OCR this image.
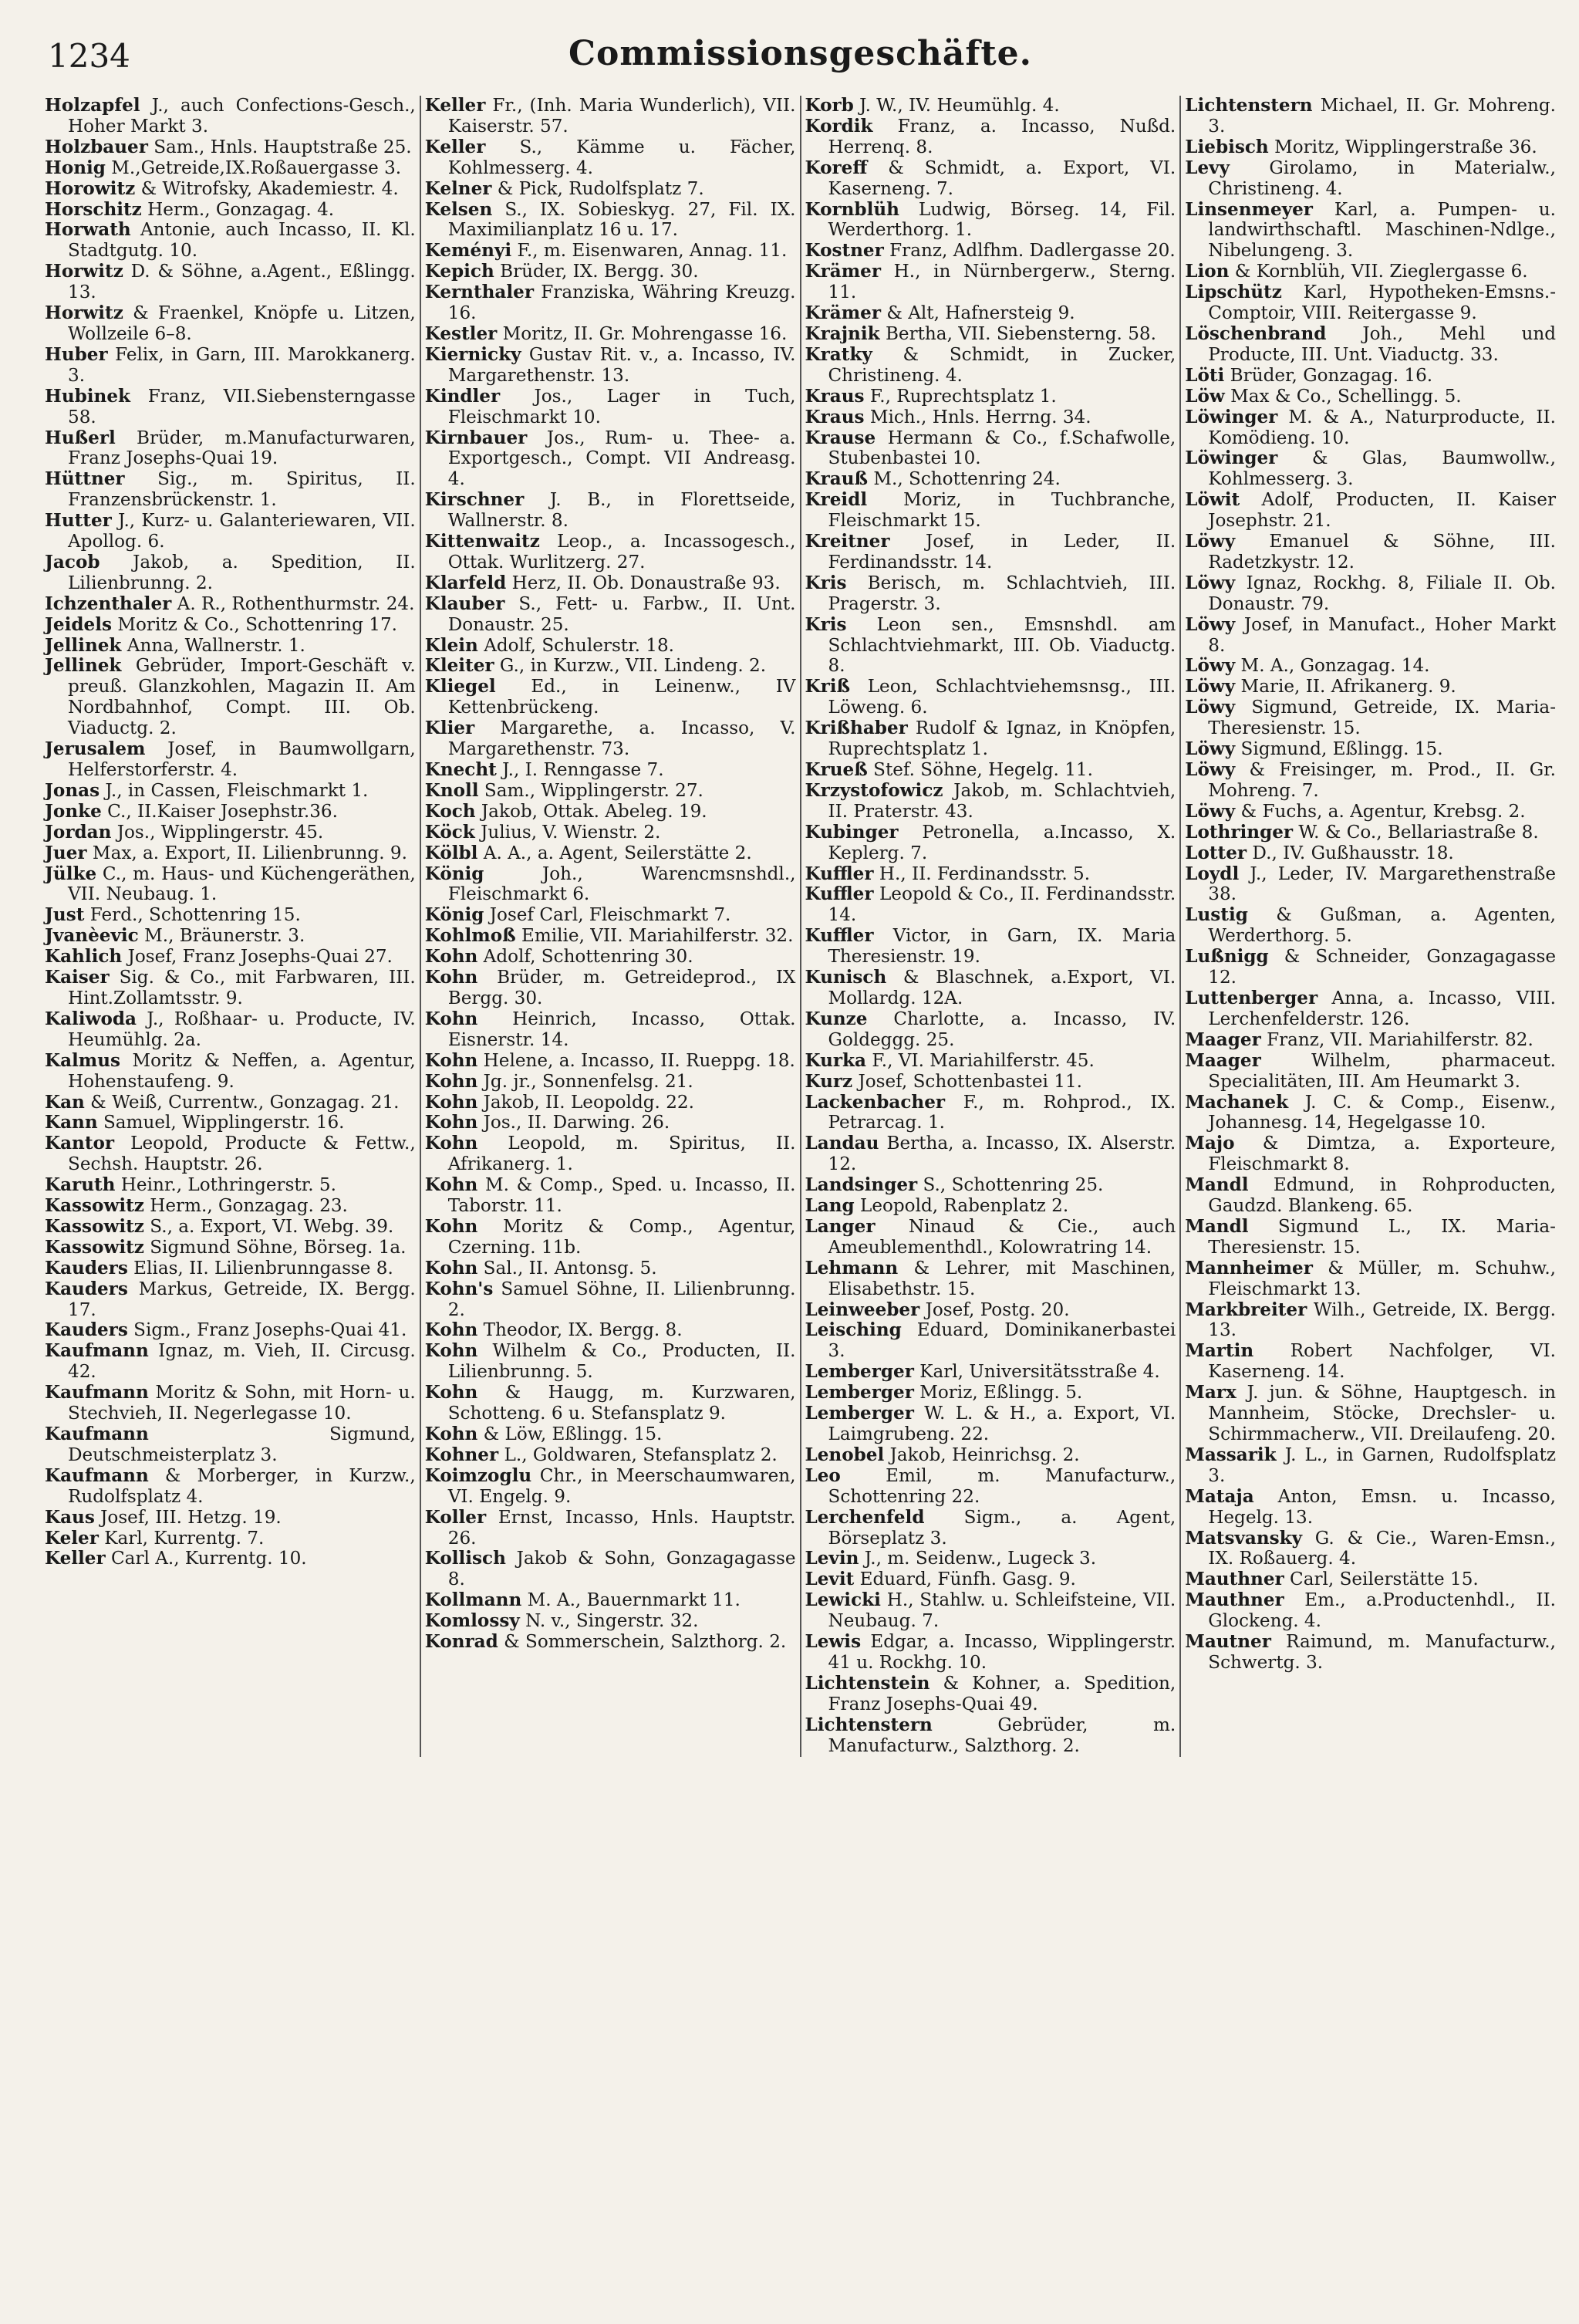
1234	Commissionsgeschäfte.

Holzapfel J., auch Confections-Gesch., Hoher Markt 3.

Holzbauer Sam., Hnls. Hauptstraße 25.

Honig M.,Getreide,IX.Roßauergasse 3.

Horowitz & Witrofsky, Akademiestr. 4.

Horschitz Herm., Gonzagag. 4.

Horwath Antonie, auch Incasso, II. Kl. Stadtgutg. 10.

Horwitz D. & Söhne, a.Agent., Eßlingg. 13.

Horwitz & Fraenkel, Knöpfe u. Litzen, Wollzeile 6–8.

Huber Felix, in Garn, III. Marokkanerg. 3.

Hubinek Franz, VII.Siebensterngasse 58.

Hußerl Brüder, m.Manufacturwaren, Franz Josephs-Quai 19.

Hüttner Sig., m. Spiritus, II. Franzensbrückenstr. 1.

Hutter J., Kurz- u. Galanteriewaren, VII. Apollog. 6.

Jacob Jakob, a. Spedition, II. Lilienbrunng. 2.

Ichzenthaler A. R., Rothenthurmstr. 24.

Jeidels Moritz & Co., Schottenring 17.

Jellinek Anna, Wallnerstr. 1.

Jellinek Gebrüder, Import-Geschäft v. preuß. Glanzkohlen, Magazin II. Am Nordbahnhof, Compt. III. Ob. Viaductg. 2.

Jerusalem Josef, in Baumwollgarn, Helferstorferstr. 4.

Jonas J., in Cassen, Fleischmarkt 1.

Jonke C., II.Kaiser Josephstr.36.

Jordan Jos., Wipplingerstr. 45.

Juer Max, a. Export, II. Lilienbrunng. 9.

Jülke C., m. Haus- und Küchengeräthen, VII. Neubaug. 1.

Just Ferd., Schottenring 15.

Jvanèevic M., Bräunerstr. 3.

Kahlich Josef, Franz Josephs-Quai 27.

Kaiser Sig. & Co., mit Farbwaren, III. Hint.Zollamtsstr. 9.

Kaliwoda J., Roßhaar- u. Producte, IV. Heumühlg. 2a.

Kalmus Moritz & Neffen, a. Agentur, Hohenstaufeng. 9.

Kan & Weiß, Currentw., Gonzagag. 21.

Kann Samuel, Wipplingerstr. 16.

Kantor Leopold, Producte & Fettw., Sechsh. Hauptstr. 26.

Karuth Heinr., Lothringerstr. 5.

Kassowitz Herm., Gonzagag. 23.

Kassowitz S., a. Export, VI. Webg. 39.

Kassowitz Sigmund Söhne, Börseg. 1a.

Kauders Elias, II. Lilienbrunngasse 8.

Kauders Markus, Getreide, IX. Bergg. 17.

Kauders Sigm., Franz Josephs-Quai 41.

Kaufmann Ignaz, m. Vieh, II. Circusg. 42.

Kaufmann Moritz & Sohn, mit Horn- u. Stechvieh, II. Negerlegasse 10.

Kaufmann Sigmund, Deutschmeisterplatz 3.

Kaufmann & Morberger, in Kurzw., Rudolfsplatz 4.

Kaus Josef, III. Hetzg. 19.

Keler Karl, Kurrentg. 7.

Keller Carl A., Kurrentg. 10.

Keller Fr., (Inh. Maria Wunderlich), VII. Kaiserstr. 57.

Keller S., Kämme u. Fächer, Kohlmesserg. 4.

Kelner & Pick, Rudolfsplatz 7.

Kelsen S., IX. Sobieskyg. 27, Fil. IX. Maximilianplatz 16 u. 17.

Keményi F., m. Eisenwaren, Annag. 11.

Kepich Brüder, IX. Bergg. 30.

Kernthaler Franziska, Währing Kreuzg. 16.

Kestler Moritz, II. Gr. Mohrengasse 16.

Kiernicky Gustav Rit. v., a. Incasso, IV. Margarethenstr. 13.

Kindler Jos., Lager in Tuch, Fleischmarkt 10.

Kirnbauer Jos., Rum- u. Thee- a. Exportgesch., Compt. VII Andreasg. 4.

Kirschner J. B., in Florettseide, Wallnerstr. 8.

Kittenwaitz Leop., a. Incassogesch., Ottak. Wurlitzerg. 27.

Klarfeld Herz, II. Ob. Donaustraße 93.

Klauber S., Fett- u. Farbw., II. Unt. Donaustr. 25.

Klein Adolf, Schulerstr. 18.

Kleiter G., in Kurzw., VII. Lindeng. 2.

Kliegel Ed., in Leinenw., IV Kettenbrückeng.

Klier Margarethe, a. Incasso, V. Margarethenstr. 73.

Knecht J., I. Renngasse 7.

Knoll Sam., Wipplingerstr. 27.

Koch Jakob, Ottak. Abeleg. 19.

Köck Julius, V. Wienstr. 2.

Kölbl A. A., a. Agent, Seilerstätte 2.

König Joh., Warencmsnshdl., Fleischmarkt 6.

König Josef Carl, Fleischmarkt 7.

Kohlmoß Emilie, VII. Mariahilferstr. 32.

Kohn Adolf, Schottenring 30.

Kohn Brüder, m. Getreideprod., IX Bergg. 30.

Kohn Heinrich, Incasso, Ottak. Eisnerstr. 14.

Kohn Helene, a. Incasso, II. Rueppg. 18.

Kohn Jg. jr., Sonnenfelsg. 21.

Kohn Jakob, II. Leopoldg. 22.

Kohn Jos., II. Darwing. 26.

Kohn Leopold, m. Spiritus, II. Afrikanerg. 1.

Kohn M. & Comp., Sped. u. Incasso, II. Taborstr. 11.

Kohn Moritz & Comp., Agentur, Czerning. 11b.

Kohn Sal., II. Antonsg. 5.

Kohn's Samuel Söhne, II. Lilienbrunng. 2.

Kohn Theodor, IX. Bergg. 8.

Kohn Wilhelm & Co., Producten, II. Lilienbrunng. 5.

Kohn & Haugg, m. Kurzwaren, Schotteng. 6 u. Stefansplatz 9.

Kohn & Löw, Eßlingg. 15.

Kohner L., Goldwaren, Stefansplatz 2.

Koimzoglu Chr., in Meerschaumwaren, VI. Engelg. 9.

Koller Ernst, Incasso, Hnls. Hauptstr. 26.

Kollisch Jakob & Sohn, Gonzagagasse 8.

Kollmann M. A., Bauernmarkt 11.

Komlossy N. v., Singerstr. 32.

Konrad & Sommerschein, Salzthorg. 2.

Korb J. W., IV. Heumühlg. 4.

Kordik Franz, a. Incasso, Nußd. Herrenq. 8.

Koreff & Schmidt, a. Export, VI. Kaserneng. 7.

Kornblüh Ludwig, Börseg. 14, Fil. Werderthorg. 1.

Kostner Franz, Adlfhm. Dadlergasse 20.

Krämer H., in Nürnbergerw., Sterng. 11.

Krämer & Alt, Hafnersteig 9.

Krajnik Bertha, VII. Siebensterng. 58.

Kratky & Schmidt, in Zucker, Christineng. 4.

Kraus F., Ruprechtsplatz 1.

Kraus Mich., Hnls. Herrng. 34.

Krause Hermann & Co., f.Schafwolle, Stubenbastei 10.

Krauß M., Schottenring 24.

Kreidl Moriz, in Tuchbranche, Fleischmarkt 15.

Kreitner Josef, in Leder, II. Ferdinandsstr. 14.

Kris Berisch, m. Schlachtvieh, III. Pragerstr. 3.

Kris Leon sen., Emsnshdl. am Schlachtviehmarkt, III. Ob. Viaductg. 8.

Kriß Leon, Schlachtviehemsnsg., III. Löweng. 6.

Krißhaber Rudolf & Ignaz, in Knöpfen, Ruprechtsplatz 1.

Krueß Stef. Söhne, Hegelg. 11.

Krzystofowicz Jakob, m. Schlachtvieh, II. Praterstr. 43.

Kubinger Petronella, a.Incasso, X. Keplerg. 7.

Kuffler H., II. Ferdinandsstr. 5.

Kuffler Leopold & Co., II. Ferdinandsstr. 14.

Kuffler Victor, in Garn, IX. Maria Theresienstr. 19.

Kunisch & Blaschnek, a.Export, VI. Mollardg. 12A.

Kunze Charlotte, a. Incasso, IV. Goldeggg. 25.

Kurka F., VI. Mariahilferstr. 45.

Kurz Josef, Schottenbastei 11.

Lackenbacher F., m. Rohprod., IX. Petrarcag. 1.

Landau Bertha, a. Incasso, IX. Alserstr. 12.

Landsinger S., Schottenring 25.

Lang Leopold, Rabenplatz 2.

Langer Ninaud & Cie., auch Ameublementhdl., Kolowratring 14.

Lehmann & Lehrer, mit Maschinen, Elisabethstr. 15.

Leinweeber Josef, Postg. 20.

Leisching Eduard, Dominikanerbastei 3.

Lemberger Karl, Universitätsstraße 4.

Lemberger Moriz, Eßlingg. 5.

Lemberger W. L. & H., a. Export, VI. Laimgrubeng. 22.

Lenobel Jakob, Heinrichsg. 2.

Leo Emil, m. Manufacturw., Schottenring 22.

Lerchenfeld Sigm., a. Agent, Börseplatz 3.

Levin J., m. Seidenw., Lugeck 3.

Levit Eduard, Fünfh. Gasg. 9.

Lewicki H., Stahlw. u. Schleifsteine, VII. Neubaug. 7.

Lewis Edgar, a. Incasso, Wipplingerstr. 41 u. Rockhg. 10.

Lichtenstein & Kohner, a. Spedition, Franz Josephs-Quai 49.

Lichtenstern Gebrüder, m. Manufacturw., Salzthorg. 2.

Lichtenstern Michael, II. Gr. Mohreng. 3.

Liebisch Moritz, Wipplingerstraße 36.

Levy Girolamo, in Materialw., Christineng. 4.

Linsenmeyer Karl, a. Pumpen- u. landwirthschaftl. Maschinen-Ndlge., Nibelungeng. 3.

Lion & Kornblüh, VII. Zieglergasse 6.

Lipschütz Karl, Hypotheken-Emsns.-Comptoir, VIII. Reitergasse 9.

Löschenbrand Joh., Mehl und Producte, III. Unt. Viaductg. 33.

Löti Brüder, Gonzagag. 16.

Löw Max & Co., Schellingg. 5.

Löwinger M. & A., Naturproducte, II. Komödieng. 10.

Löwinger & Glas, Baumwollw., Kohlmesserg. 3.

Löwit Adolf, Producten, II. Kaiser Josephstr. 21.

Löwy Emanuel & Söhne, III. Radetzkystr. 12.

Löwy Ignaz, Rockhg. 8, Filiale II. Ob. Donaustr. 79.

Löwy Josef, in Manufact., Hoher Markt 8.

Löwy M. A., Gonzagag. 14.

Löwy Marie, II. Afrikanerg. 9.

Löwy Sigmund, Getreide, IX. Maria-Theresienstr. 15.

Löwy Sigmund, Eßlingg. 15.

Löwy & Freisinger, m. Prod., II. Gr. Mohreng. 7.

Löwy & Fuchs, a. Agentur, Krebsg. 2.

Lothringer W. & Co., Bellariastraße 8.

Lotter D., IV. Gußhausstr. 18.

Loydl J., Leder, IV. Margarethenstraße 38.

Lustig & Gußman, a. Agenten, Werderthorg. 5.

Lußnigg & Schneider, Gonzagagasse 12.

Luttenberger Anna, a. Incasso, VIII. Lerchenfelderstr. 126.

Maager Franz, VII. Mariahilferstr. 82.

Maager Wilhelm, pharmaceut. Specialitäten, III. Am Heumarkt 3.

Machanek J. C. & Comp., Eisenw., Johannesg. 14, Hegelgasse 10.

Majo & Dimtza, a. Exporteure, Fleischmarkt 8.

Mandl Edmund, in Rohproducten, Gaudzd. Blankeng. 65.

Mandl Sigmund L., IX. Maria-Theresienstr. 15.

Mannheimer & Müller, m. Schuhw., Fleischmarkt 13.

Markbreiter Wilh., Getreide, IX. Bergg. 13.

Martin Robert Nachfolger, VI. Kaserneng. 14.

Marx J. jun. & Söhne, Hauptgesch. in Mannheim, Stöcke, Drechsler- u. Schirmmacherw., VII. Dreilaufeng. 20.

Massarik J. L., in Garnen, Rudolfsplatz 3.

Mataja Anton, Emsn. u. Incasso, Hegelg. 13.

Matsvansky G. & Cie., Waren-Emsn., IX. Roßauerg. 4.

Mauthner Carl, Seilerstätte 15.

Mauthner Em., a.Productenhdl., II. Glockeng. 4.

Mautner Raimund, m. Manufacturw., Schwertg. 3.
